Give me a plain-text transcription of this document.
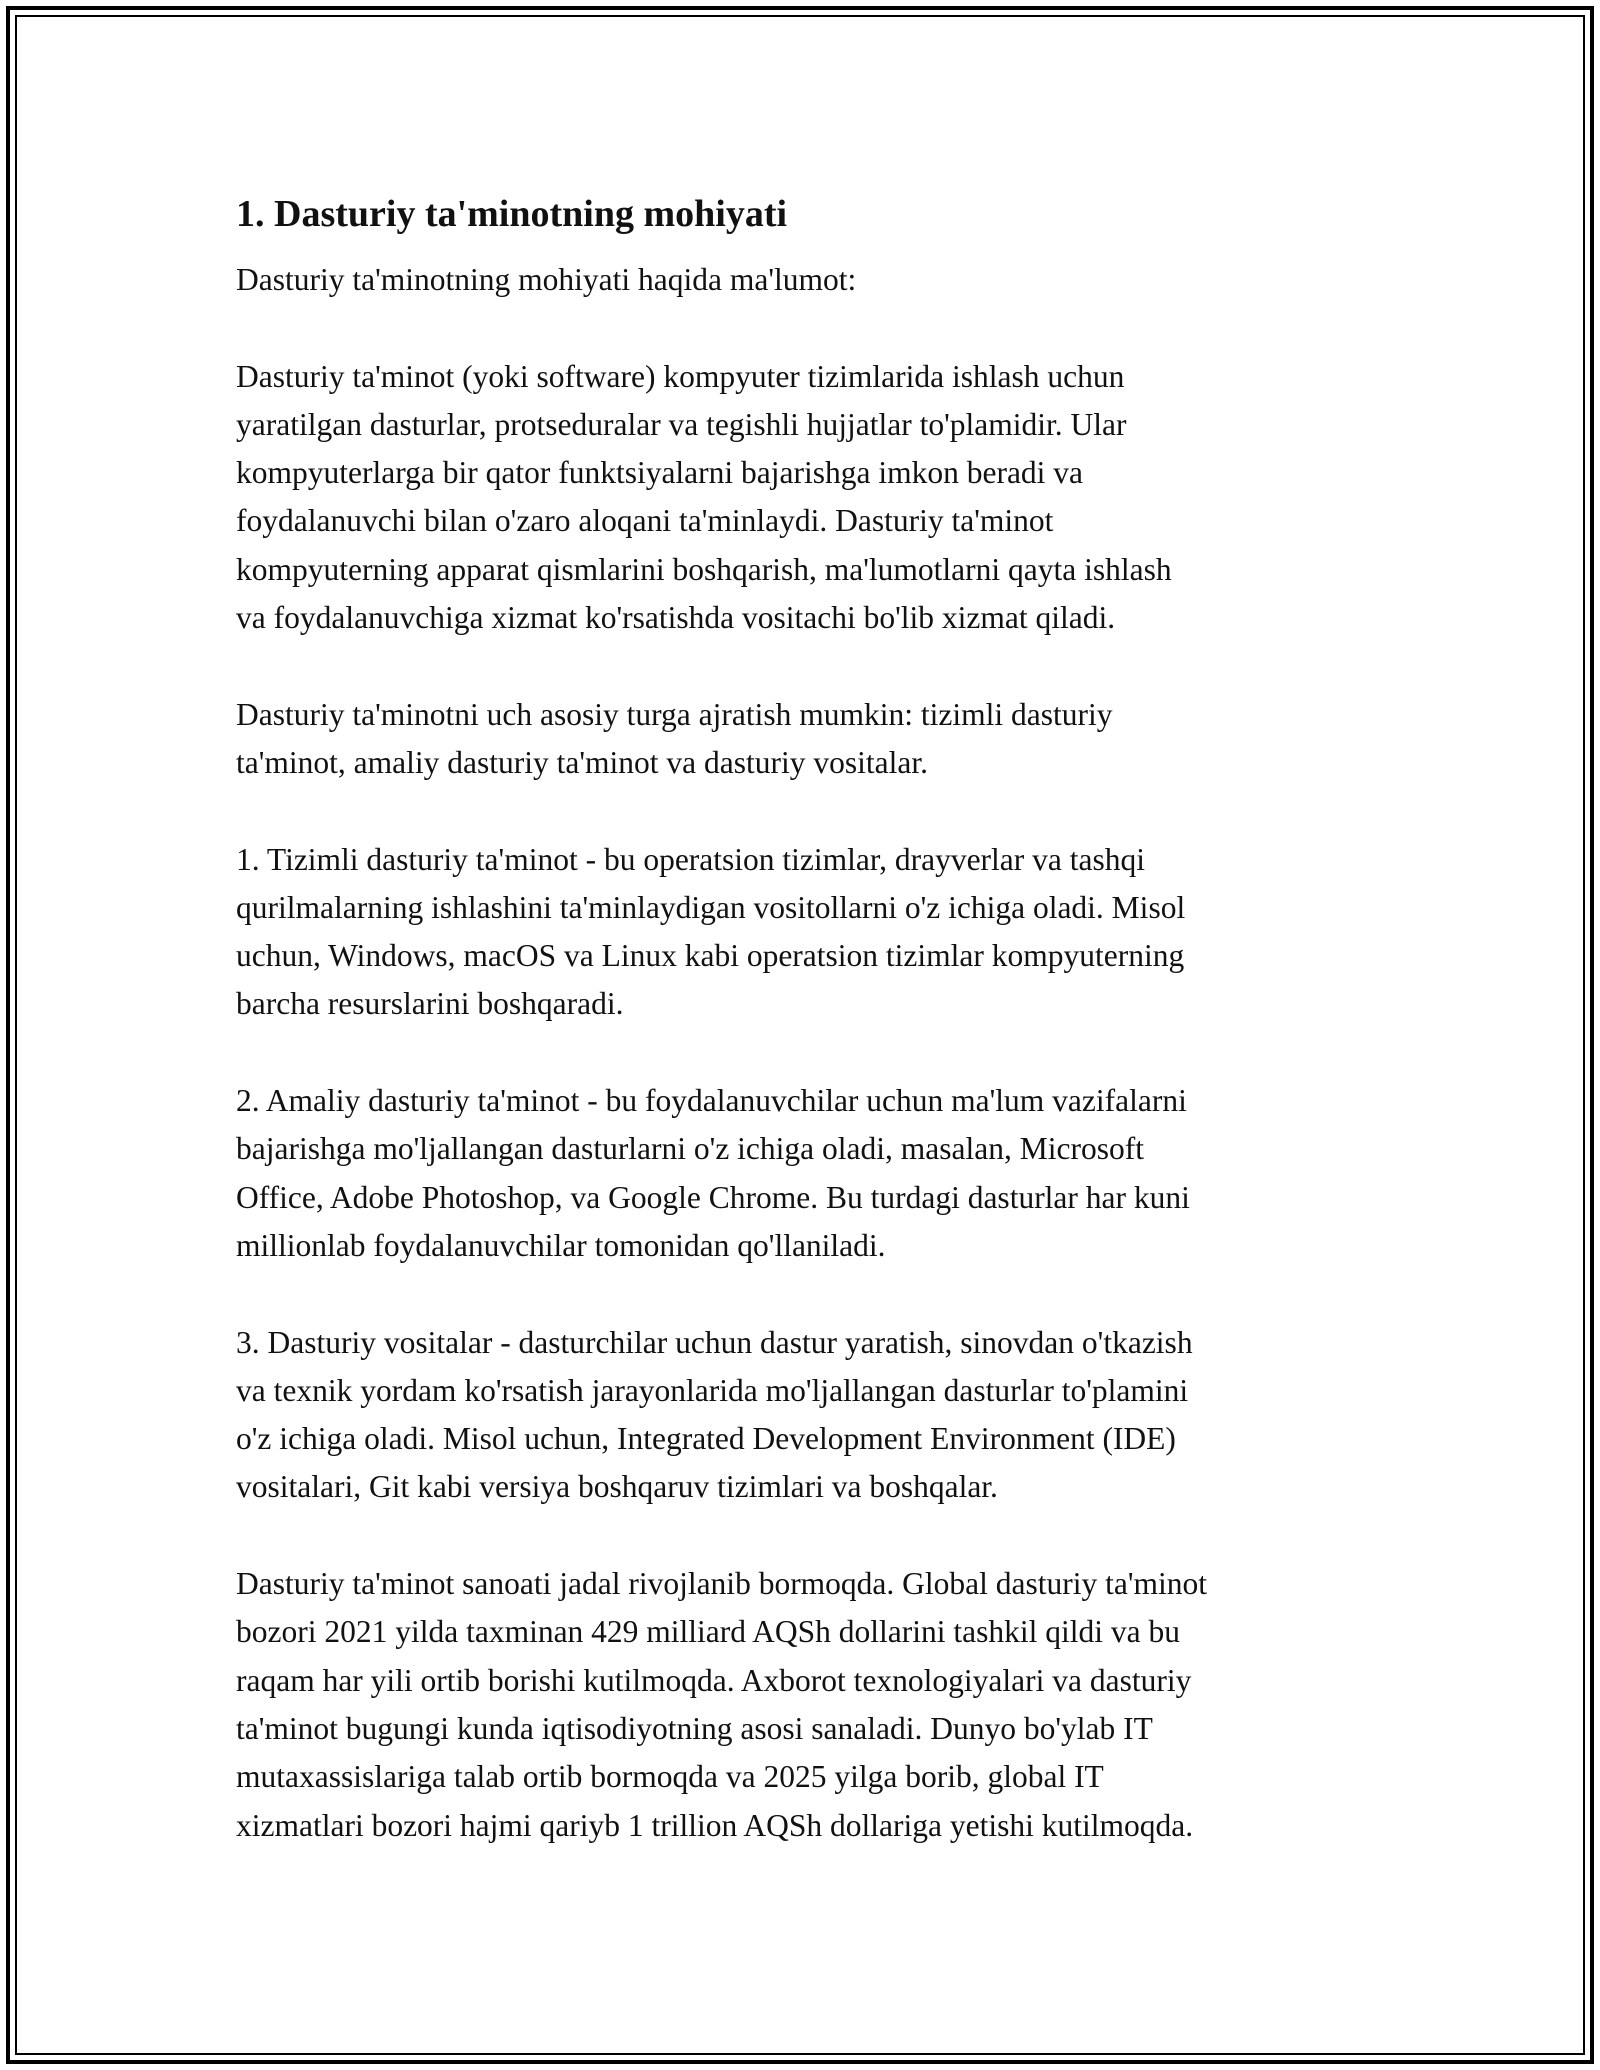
1. Dasturiy ta'minotning mohiyati

Dasturiy ta'minotning mohiyati haqida ma'lumot:

Dasturiy ta'minot (yoki software) kompyuter tizimlarida ishlash uchun
yaratilgan dasturlar, protseduralar va tegishli hujjatlar to'plamidir. Ular
kompyuterlarga bir qator funktsiyalarni bajarishga imkon beradi va
foydalanuvchi bilan o'zaro aloqani ta'minlaydi. Dasturiy ta'minot
kompyuterning apparat qismlarini boshqarish, ma'lumotlarni qayta ishlash
va foydalanuvchiga xizmat ko'rsatishda vositachi bo'lib xizmat qiladi.

Dasturiy ta'minotni uch asosiy turga ajratish mumkin: tizimli dasturiy
ta'minot, amaliy dasturiy ta'minot va dasturiy vositalar.

1. Tizimli dasturiy ta'minot - bu operatsion tizimlar, drayverlar va tashqi
qurilmalarning ishlashini ta'minlaydigan vositollarni o'z ichiga oladi. Misol
uchun, Windows, macOS va Linux kabi operatsion tizimlar kompyuterning
barcha resurslarini boshqaradi.

2. Amaliy dasturiy ta'minot - bu foydalanuvchilar uchun ma'lum vazifalarni
bajarishga mo'ljallangan dasturlarni o'z ichiga oladi, masalan, Microsoft
Office, Adobe Photoshop, va Google Chrome. Bu turdagi dasturlar har kuni
millionlab foydalanuvchilar tomonidan qo'llaniladi.

3. Dasturiy vositalar - dasturchilar uchun dastur yaratish, sinovdan o'tkazish
va texnik yordam ko'rsatish jarayonlarida mo'ljallangan dasturlar to'plamini
o'z ichiga oladi. Misol uchun, Integrated Development Environment (IDE)
vositalari, Git kabi versiya boshqaruv tizimlari va boshqalar.

Dasturiy ta'minot sanoati jadal rivojlanib bormoqda. Global dasturiy ta'minot
bozori 2021 yilda taxminan 429 milliard AQSh dollarini tashkil qildi va bu
raqam har yili ortib borishi kutilmoqda. Axborot texnologiyalari va dasturiy
ta'minot bugungi kunda iqtisodiyotning asosi sanaladi. Dunyo bo'ylab IT
mutaxassislariga talab ortib bormoqda va 2025 yilga borib, global IT
xizmatlari bozori hajmi qariyb 1 trillion AQSh dollariga yetishi kutilmoqda.
